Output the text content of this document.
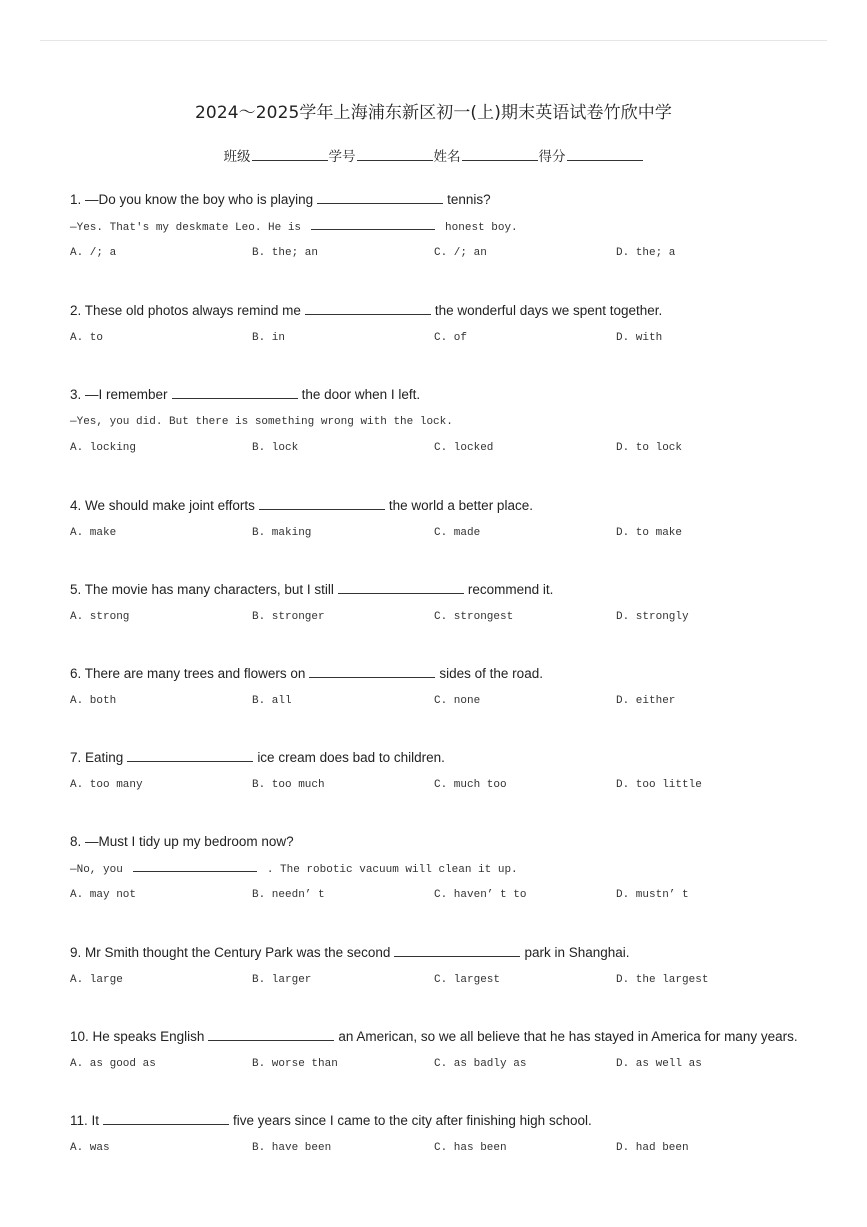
2024～2025学年上海浦东新区初一(上)期末英语试卷竹欣中学
班级	学号	姓名	得分
1. —Do you know the boy who is playing	tennis?
—Yes. That's my deskmate Leo. He is	honest boy.
A. /; a	B. the; an	C. /; an	D. the; a
2. These old photos always remind me	the wonderful days we spent together.
A. to	B. in	C. of	D. with
3. —I remember	the door when I left.
—Yes, you did. But there is something wrong with the lock.
A. locking	B. lock	C. locked	D. to lock
4. We should make joint efforts	the world a better place.
A. make	B. making	C. made	D. to make
5. The movie has many characters, but I still	recommend it.
A. strong	B. stronger	C. strongest	D. strongly
6. There are many trees and flowers on	sides of the road.
A. both	B. all	C. none	D. either
7. Eating	ice cream does bad to children.
A. too many	B. too much	C. much too	D. too little
8. —Must I tidy up my bedroom now?
—No, you	. The robotic vacuum will clean it up.
A. may not	B. needn’ t	C. haven’ t to	D. mustn’ t
9. Mr Smith thought the Century Park was the second	park in Shanghai.
A. large	B. larger	C. largest	D. the largest
10. He speaks English	an American, so we all believe that he has stayed in America for many years.
A. as good as	B. worse than	C. as badly as	D. as well as
11. It	five years since I came to the city after finishing high school.
A. was	B. have been	C. has been	D. had been
